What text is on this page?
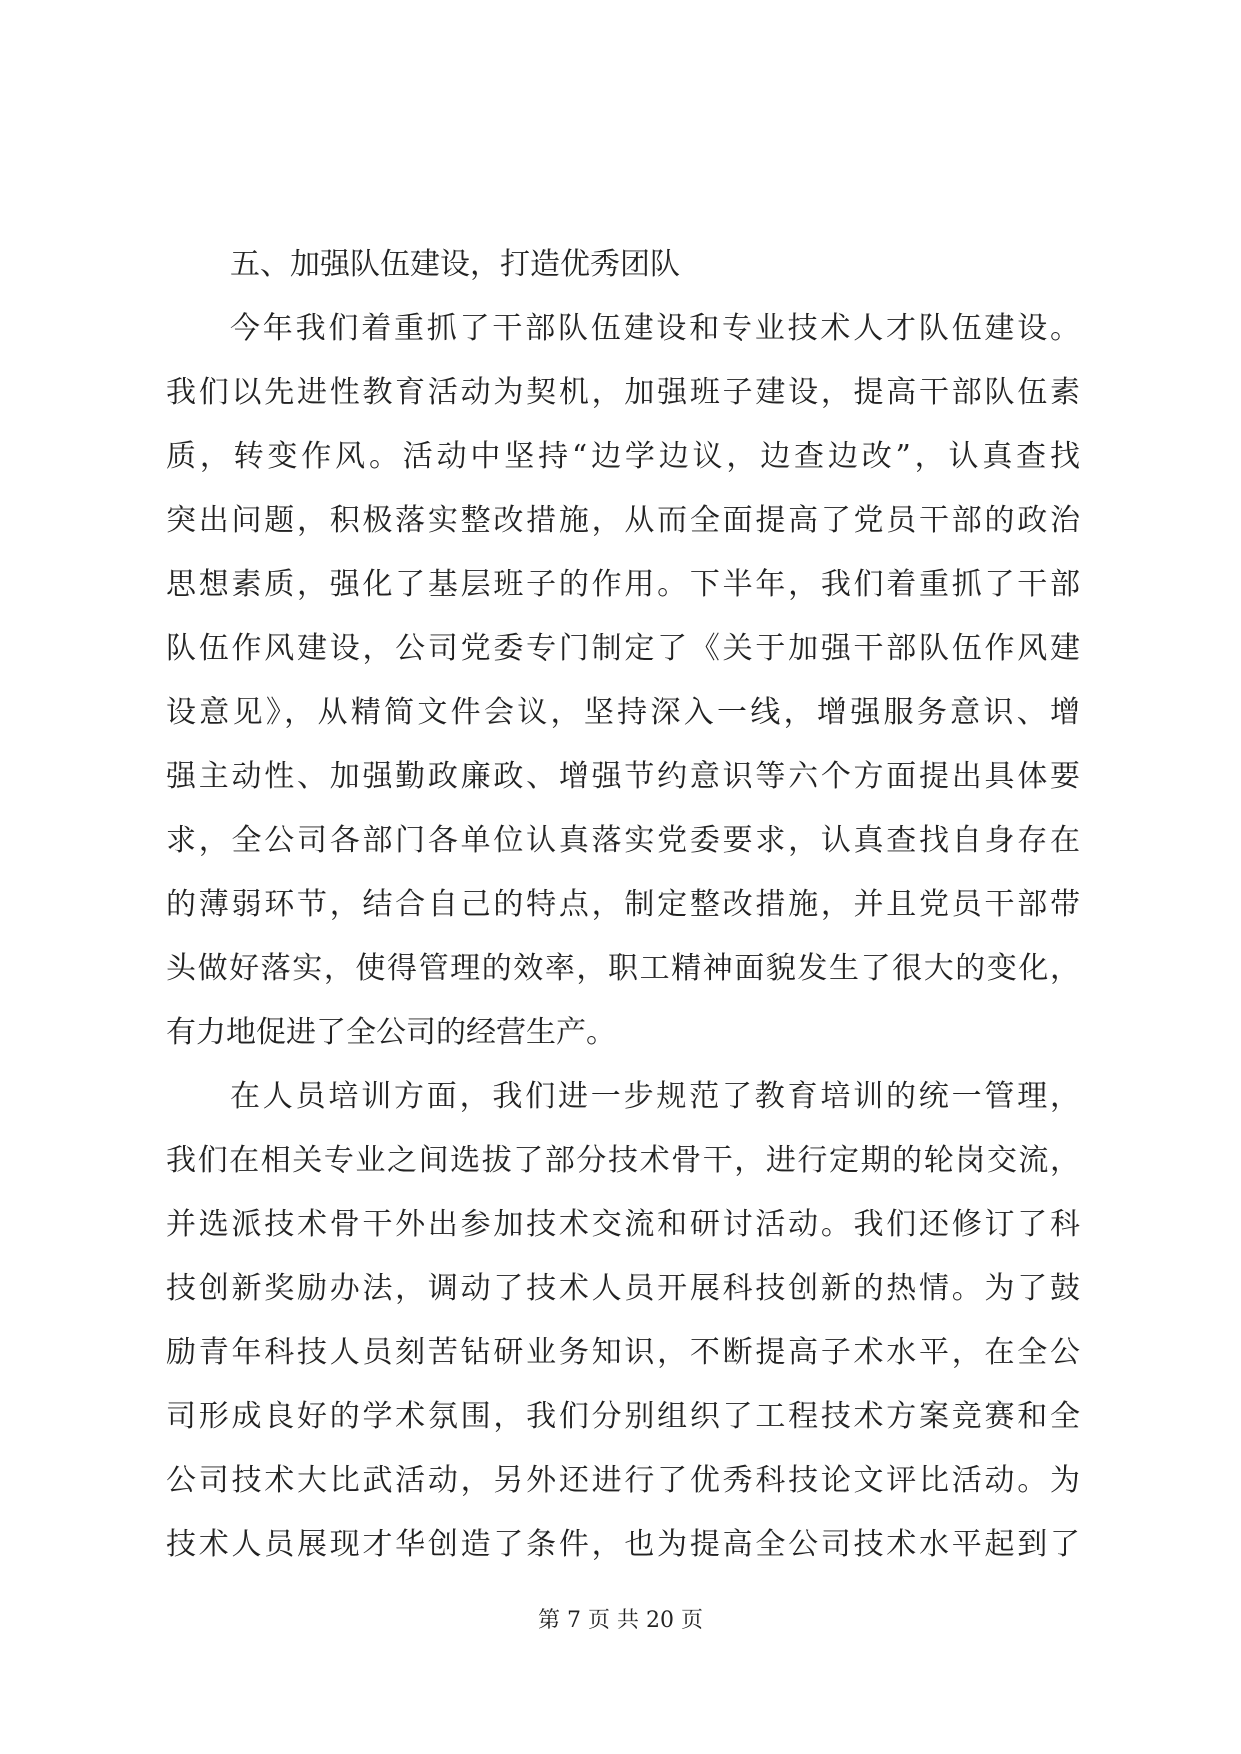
五、加强队伍建设，打造优秀团队
今年我们着重抓了干部队伍建设和专业技术人才队伍建设。
我们以先进性教育活动为契机，加强班子建设，提高干部队伍素
质，转变作风。活动中坚持“边学边议，边查边改”，认真查找
突出问题，积极落实整改措施，从而全面提高了党员干部的政治
思想素质，强化了基层班子的作用。下半年，我们着重抓了干部
队伍作风建设，公司党委专门制定了《关于加强干部队伍作风建
设意见》，从精简文件会议，坚持深入一线，增强服务意识、增
强主动性、加强勤政廉政、增强节约意识等六个方面提出具体要
求，全公司各部门各单位认真落实党委要求，认真查找自身存在
的薄弱环节，结合自己的特点，制定整改措施，并且党员干部带
头做好落实，使得管理的效率，职工精神面貌发生了很大的变化，
有力地促进了全公司的经营生产。
在人员培训方面，我们进一步规范了教育培训的统一管理，
我们在相关专业之间选拔了部分技术骨干，进行定期的轮岗交流，
并选派技术骨干外出参加技术交流和研讨活动。我们还修订了科
技创新奖励办法，调动了技术人员开展科技创新的热情。为了鼓
励青年科技人员刻苦钻研业务知识，不断提高子术水平，在全公
司形成良好的学术氛围，我们分别组织了工程技术方案竞赛和全
公司技术大比武活动，另外还进行了优秀科技论文评比活动。为
技术人员展现才华创造了条件，也为提高全公司技术水平起到了
第 7 页 共 20 页
